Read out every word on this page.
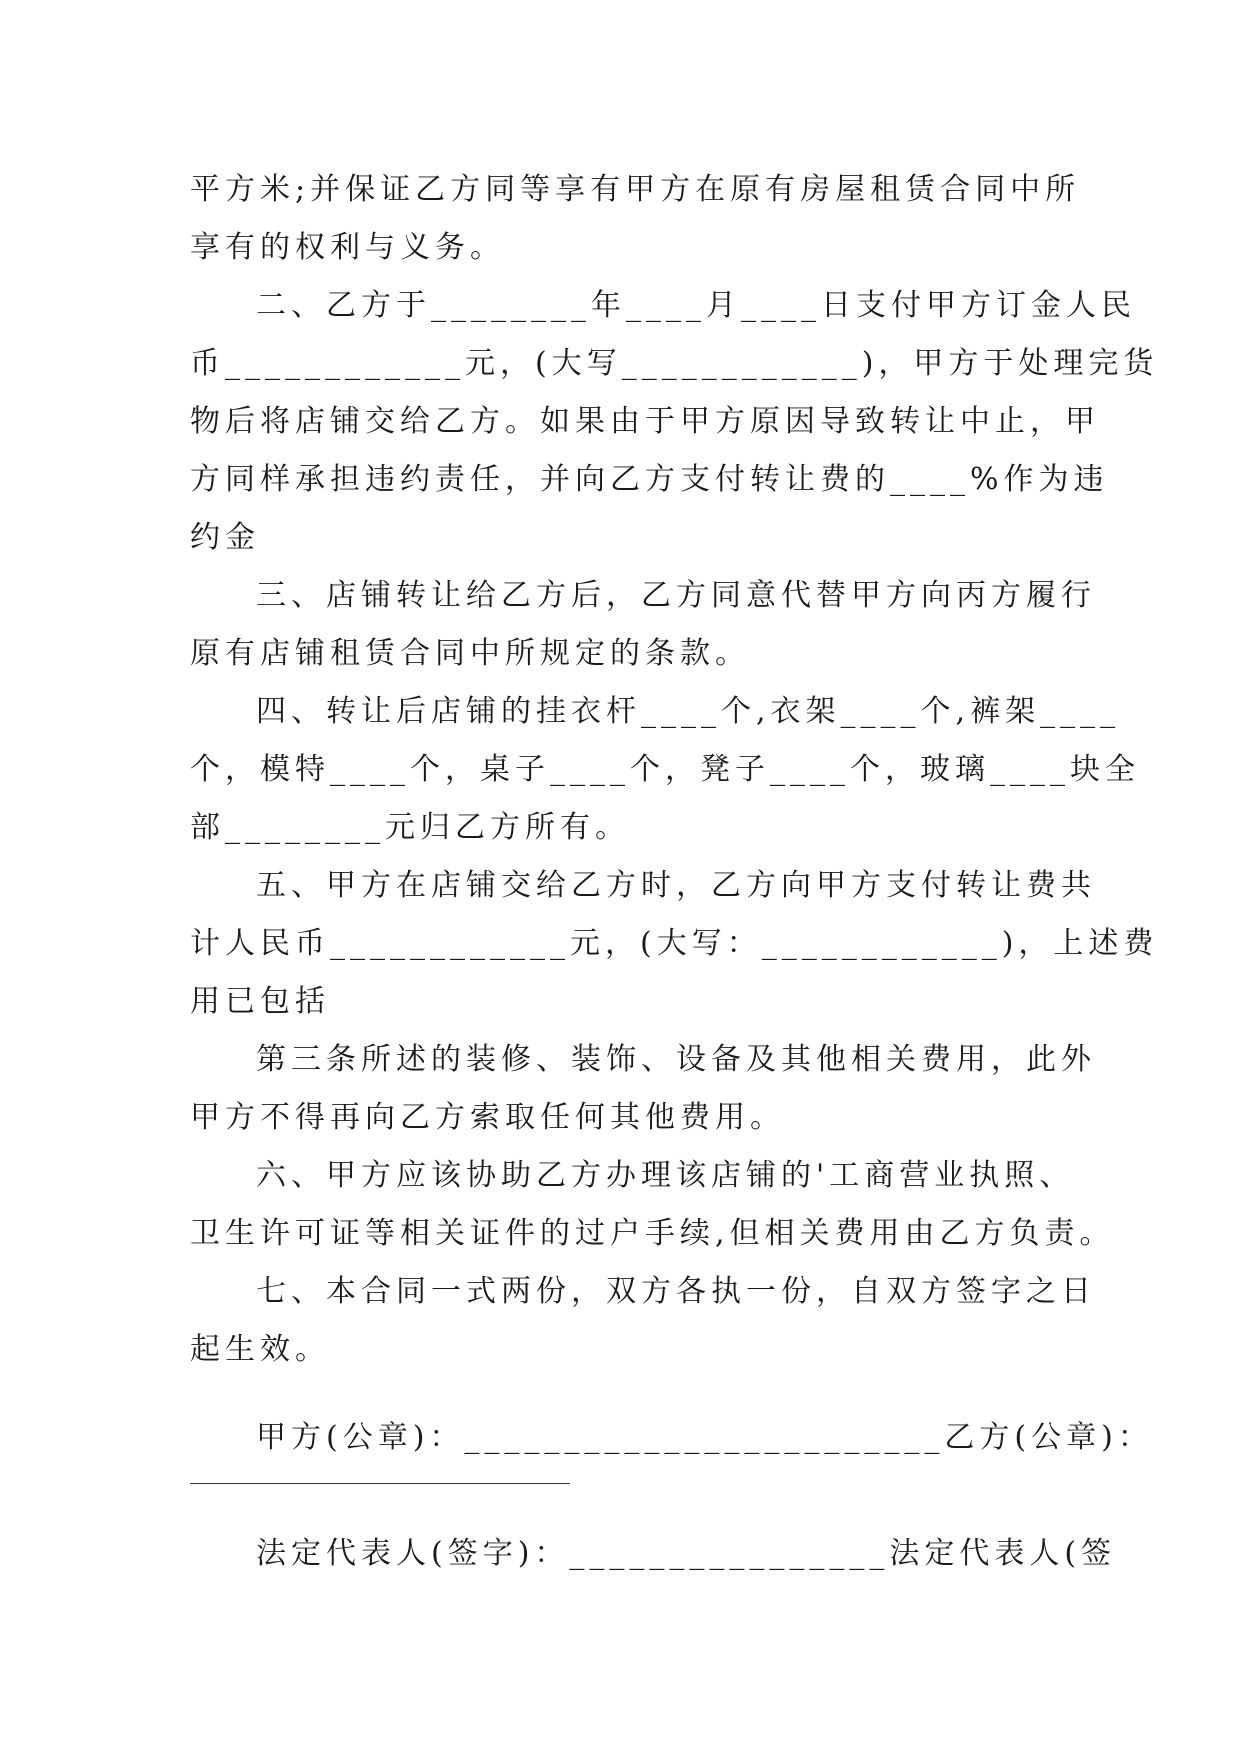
平方米;并保证乙方同等享有甲方在原有房屋租赁合同中所
享有的权利与义务。
二、乙方于________年____月____日支付甲方订金人民
币____________元，(大写____________)，甲方于处理完货
物后将店铺交给乙方。如果由于甲方原因导致转让中止，甲
方同样承担违约责任，并向乙方支付转让费的____%作为违
约金
三、店铺转让给乙方后，乙方同意代替甲方向丙方履行
原有店铺租赁合同中所规定的条款。
四、转让后店铺的挂衣杆____个,衣架____个,裤架____
个，模特____个，桌子____个，凳子____个，玻璃____块全
部________元归乙方所有。
五、甲方在店铺交给乙方时，乙方向甲方支付转让费共
计人民币____________元，(大写：____________)，上述费
用已包括
第三条所述的装修、装饰、设备及其他相关费用，此外
甲方不得再向乙方索取任何其他费用。
六、甲方应该协助乙方办理该店铺的'工商营业执照、
卫生许可证等相关证件的过户手续,但相关费用由乙方负责。
七、本合同一式两份，双方各执一份，自双方签字之日
起生效。
甲方(公章)：________________________乙方(公章)：
法定代表人(签字)：________________法定代表人(签
